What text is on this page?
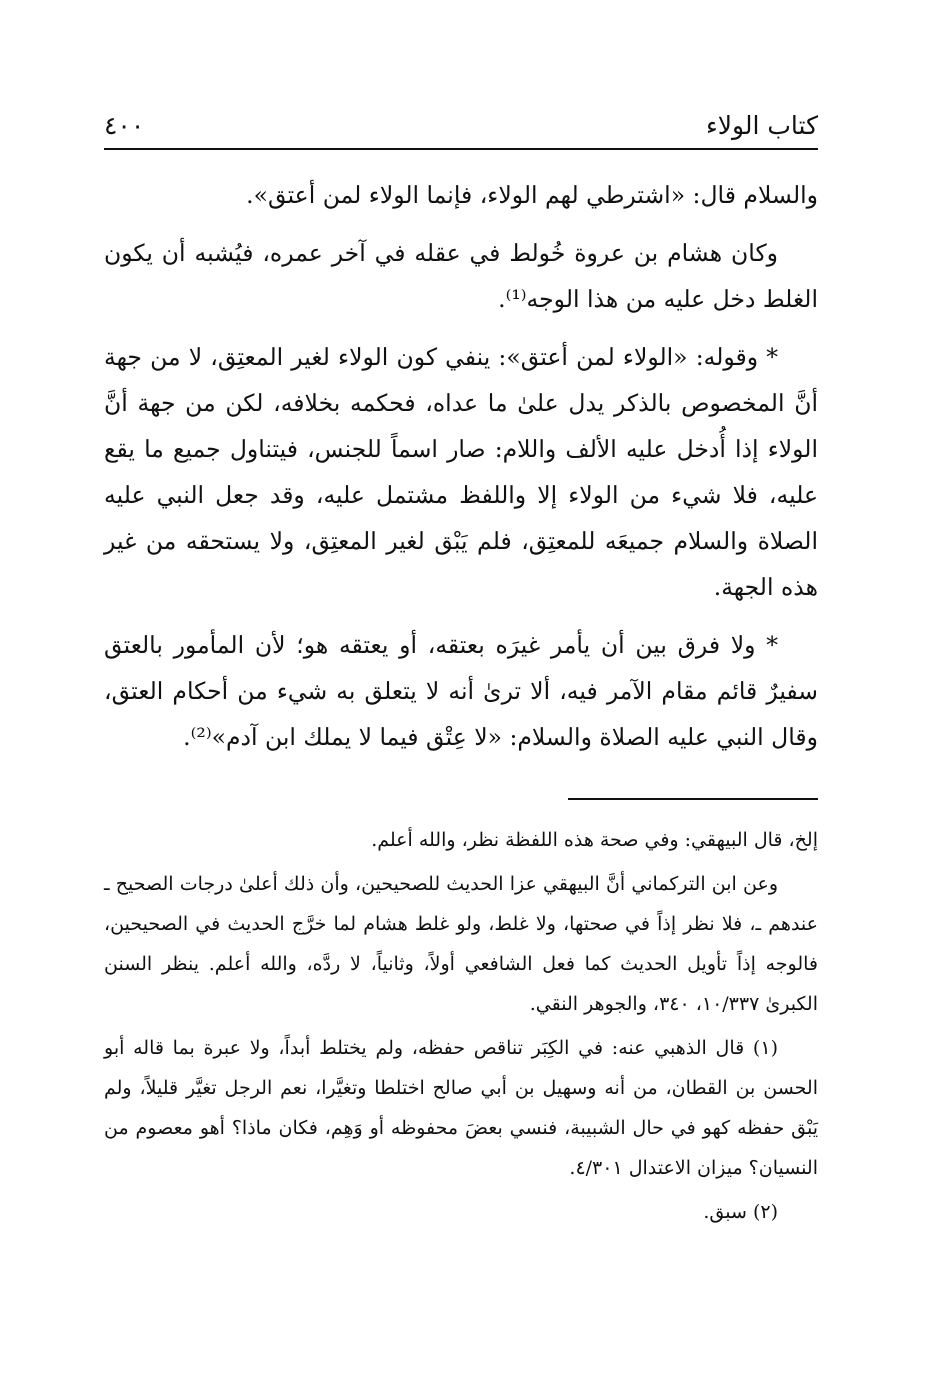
كتاب الولاء
٤٠٠

والسلام قال: «اشترطي لهم الولاء، فإنما الولاء لمن أعتق».

وكان هشام بن عروة خُولط في عقله في آخر عمره، فيُشبه أن يكون الغلط دخل عليه من هذا الوجه⁽¹⁾.

* وقوله: «الولاء لمن أعتق»: ينفي كون الولاء لغير المعتِق، لا من جهة أنَّ المخصوص بالذكر يدل علىٰ ما عداه، فحكمه بخلافه، لكن من جهة أنَّ الولاء إذا أُدخل عليه الألف واللام: صار اسماً للجنس، فيتناول جميع ما يقع عليه، فلا شيء من الولاء إلا واللفظ مشتمل عليه، وقد جعل النبي عليه الصلاة والسلام جميعَه للمعتِق، فلم يَبْق لغير المعتِق، ولا يستحقه من غير هذه الجهة.

* ولا فرق بين أن يأمر غيرَه بعتقه، أو يعتقه هو؛ لأن المأمور بالعتق سفيرٌ قائم مقام الآمر فيه، ألا ترىٰ أنه لا يتعلق به شيء من أحكام العتق، وقال النبي عليه الصلاة والسلام: «لا عِتْق فيما لا يملك ابن آدم»⁽²⁾.

إلخ، قال البيهقي: وفي صحة هذه اللفظة نظر، والله أعلم.

وعن ابن التركماني أنَّ البيهقي عزا الحديث للصحيحين، وأن ذلك أعلىٰ درجات الصحيح ـ عندهم ـ، فلا نظر إذاً في صحتها، ولا غلط، ولو غلط هشام لما خرَّج الحديث في الصحيحين، فالوجه إذاً تأويل الحديث كما فعل الشافعي أولاً، وثانياً، لا ردَّه، والله أعلم. ينظر السنن الكبرىٰ ١٠/٣٣٧، ٣٤٠، والجوهر النقي.

(١) قال الذهبي عنه: في الكِبَر تناقص حفظه، ولم يختلط أبداً، ولا عبرة بما قاله أبو الحسن بن القطان، من أنه وسهيل بن أبي صالح اختلطا وتغيَّرا، نعم الرجل تغيَّر قليلاً، ولم يَبْق حفظه كهو في حال الشبيبة، فنسي بعضَ محفوظه أو وَهِم، فكان ماذا؟ أهو معصوم من النسيان؟ ميزان الاعتدال ٤/٣٠١.

(٢) سبق.
